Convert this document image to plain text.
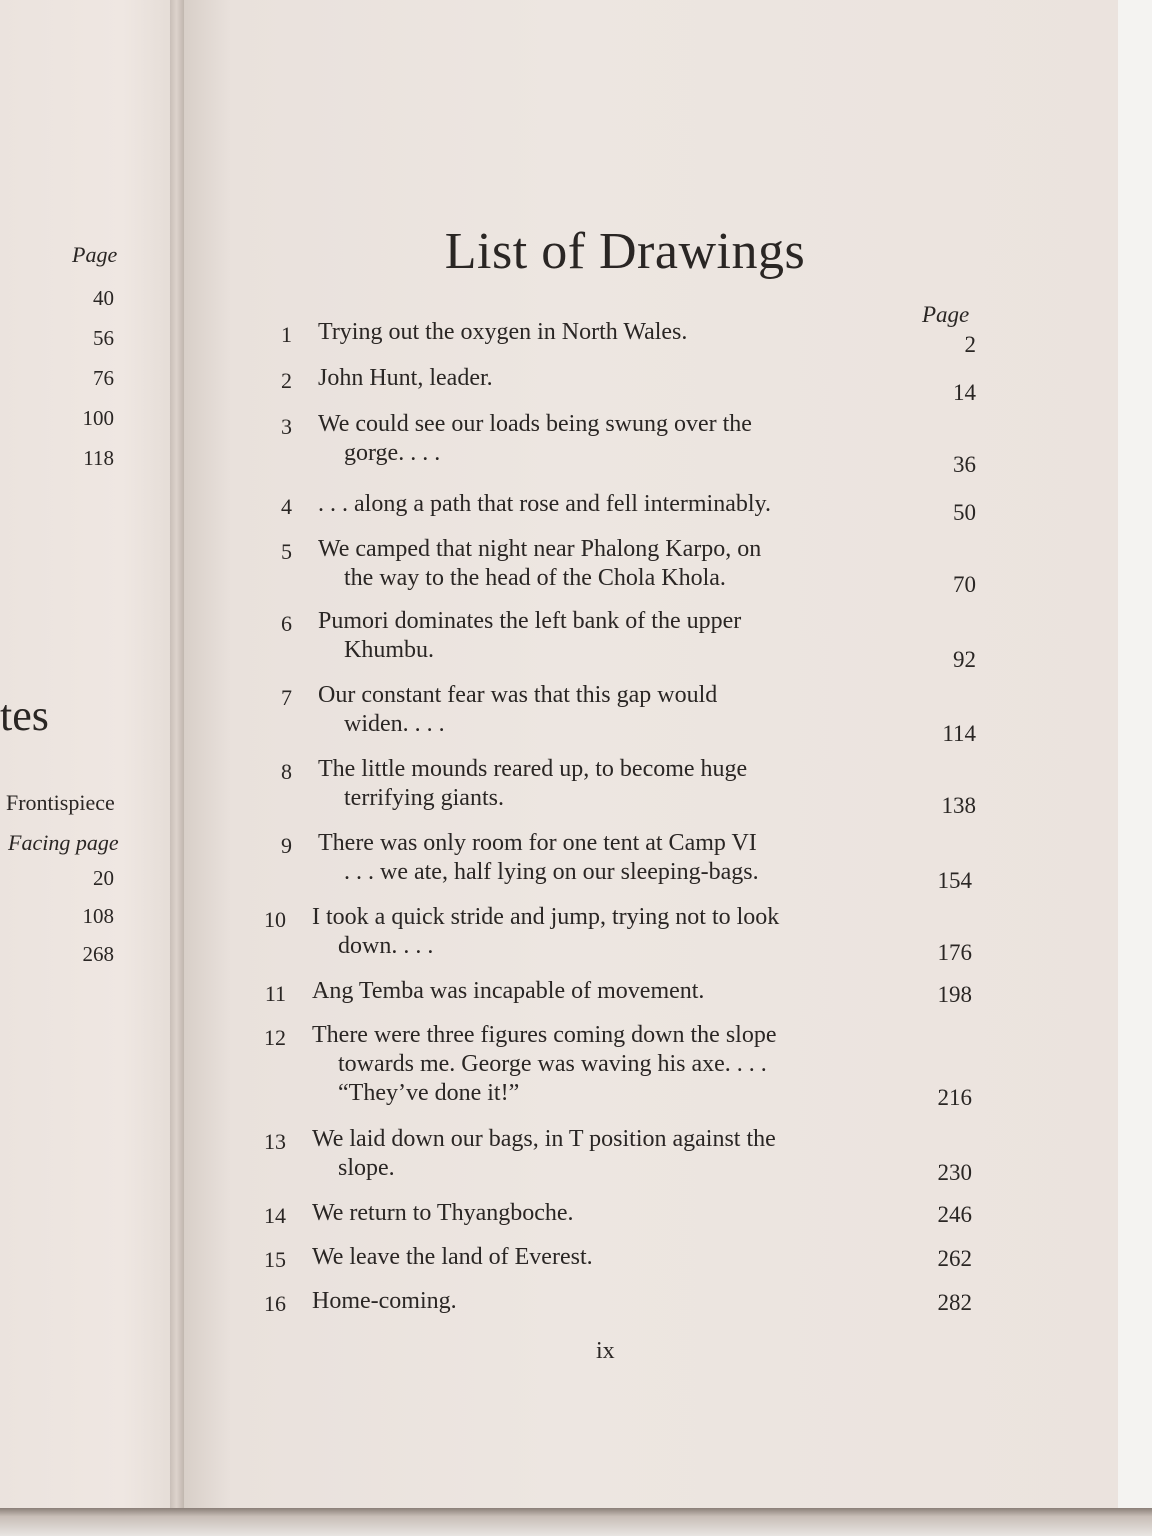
Page
40
56
76
100
118
tes
Frontispiece
Facing page
20
108
268
List of Drawings
Page
1 Trying out the oxygen in North Wales.	2
2 John Hunt, leader.
14
3 We could see our loads being swung over the
gorge. . . .	36
4 . . . along a path that rose and fell interminably.	50
5 We camped that night near Phalong Karpo, on
the way to the head of the Chola Khola.	70
6 Pumori dominates the left bank of the upper
Khumbu.	92
7 Our constant fear was that this gap would
widen. . . .	114
8 The little mounds reared up, to become huge
terrifying giants.	138
9 There was only room for one tent at Camp VI
. . . we ate, half lying on our sleeping-bags.	154
10 I took a quick stride and jump, trying not to look
down. . . .	176
11 Ang Temba was incapable of movement.	198
12 There were three figures coming down the slope
towards me. George was waving his axe. . . .
“They’ve done it!”	216
13 We laid down our bags, in T position against the
slope.	230
14 We return to Thyangboche.	246
15 We leave the land of Everest.	262
16 Home-coming.	282
ix
